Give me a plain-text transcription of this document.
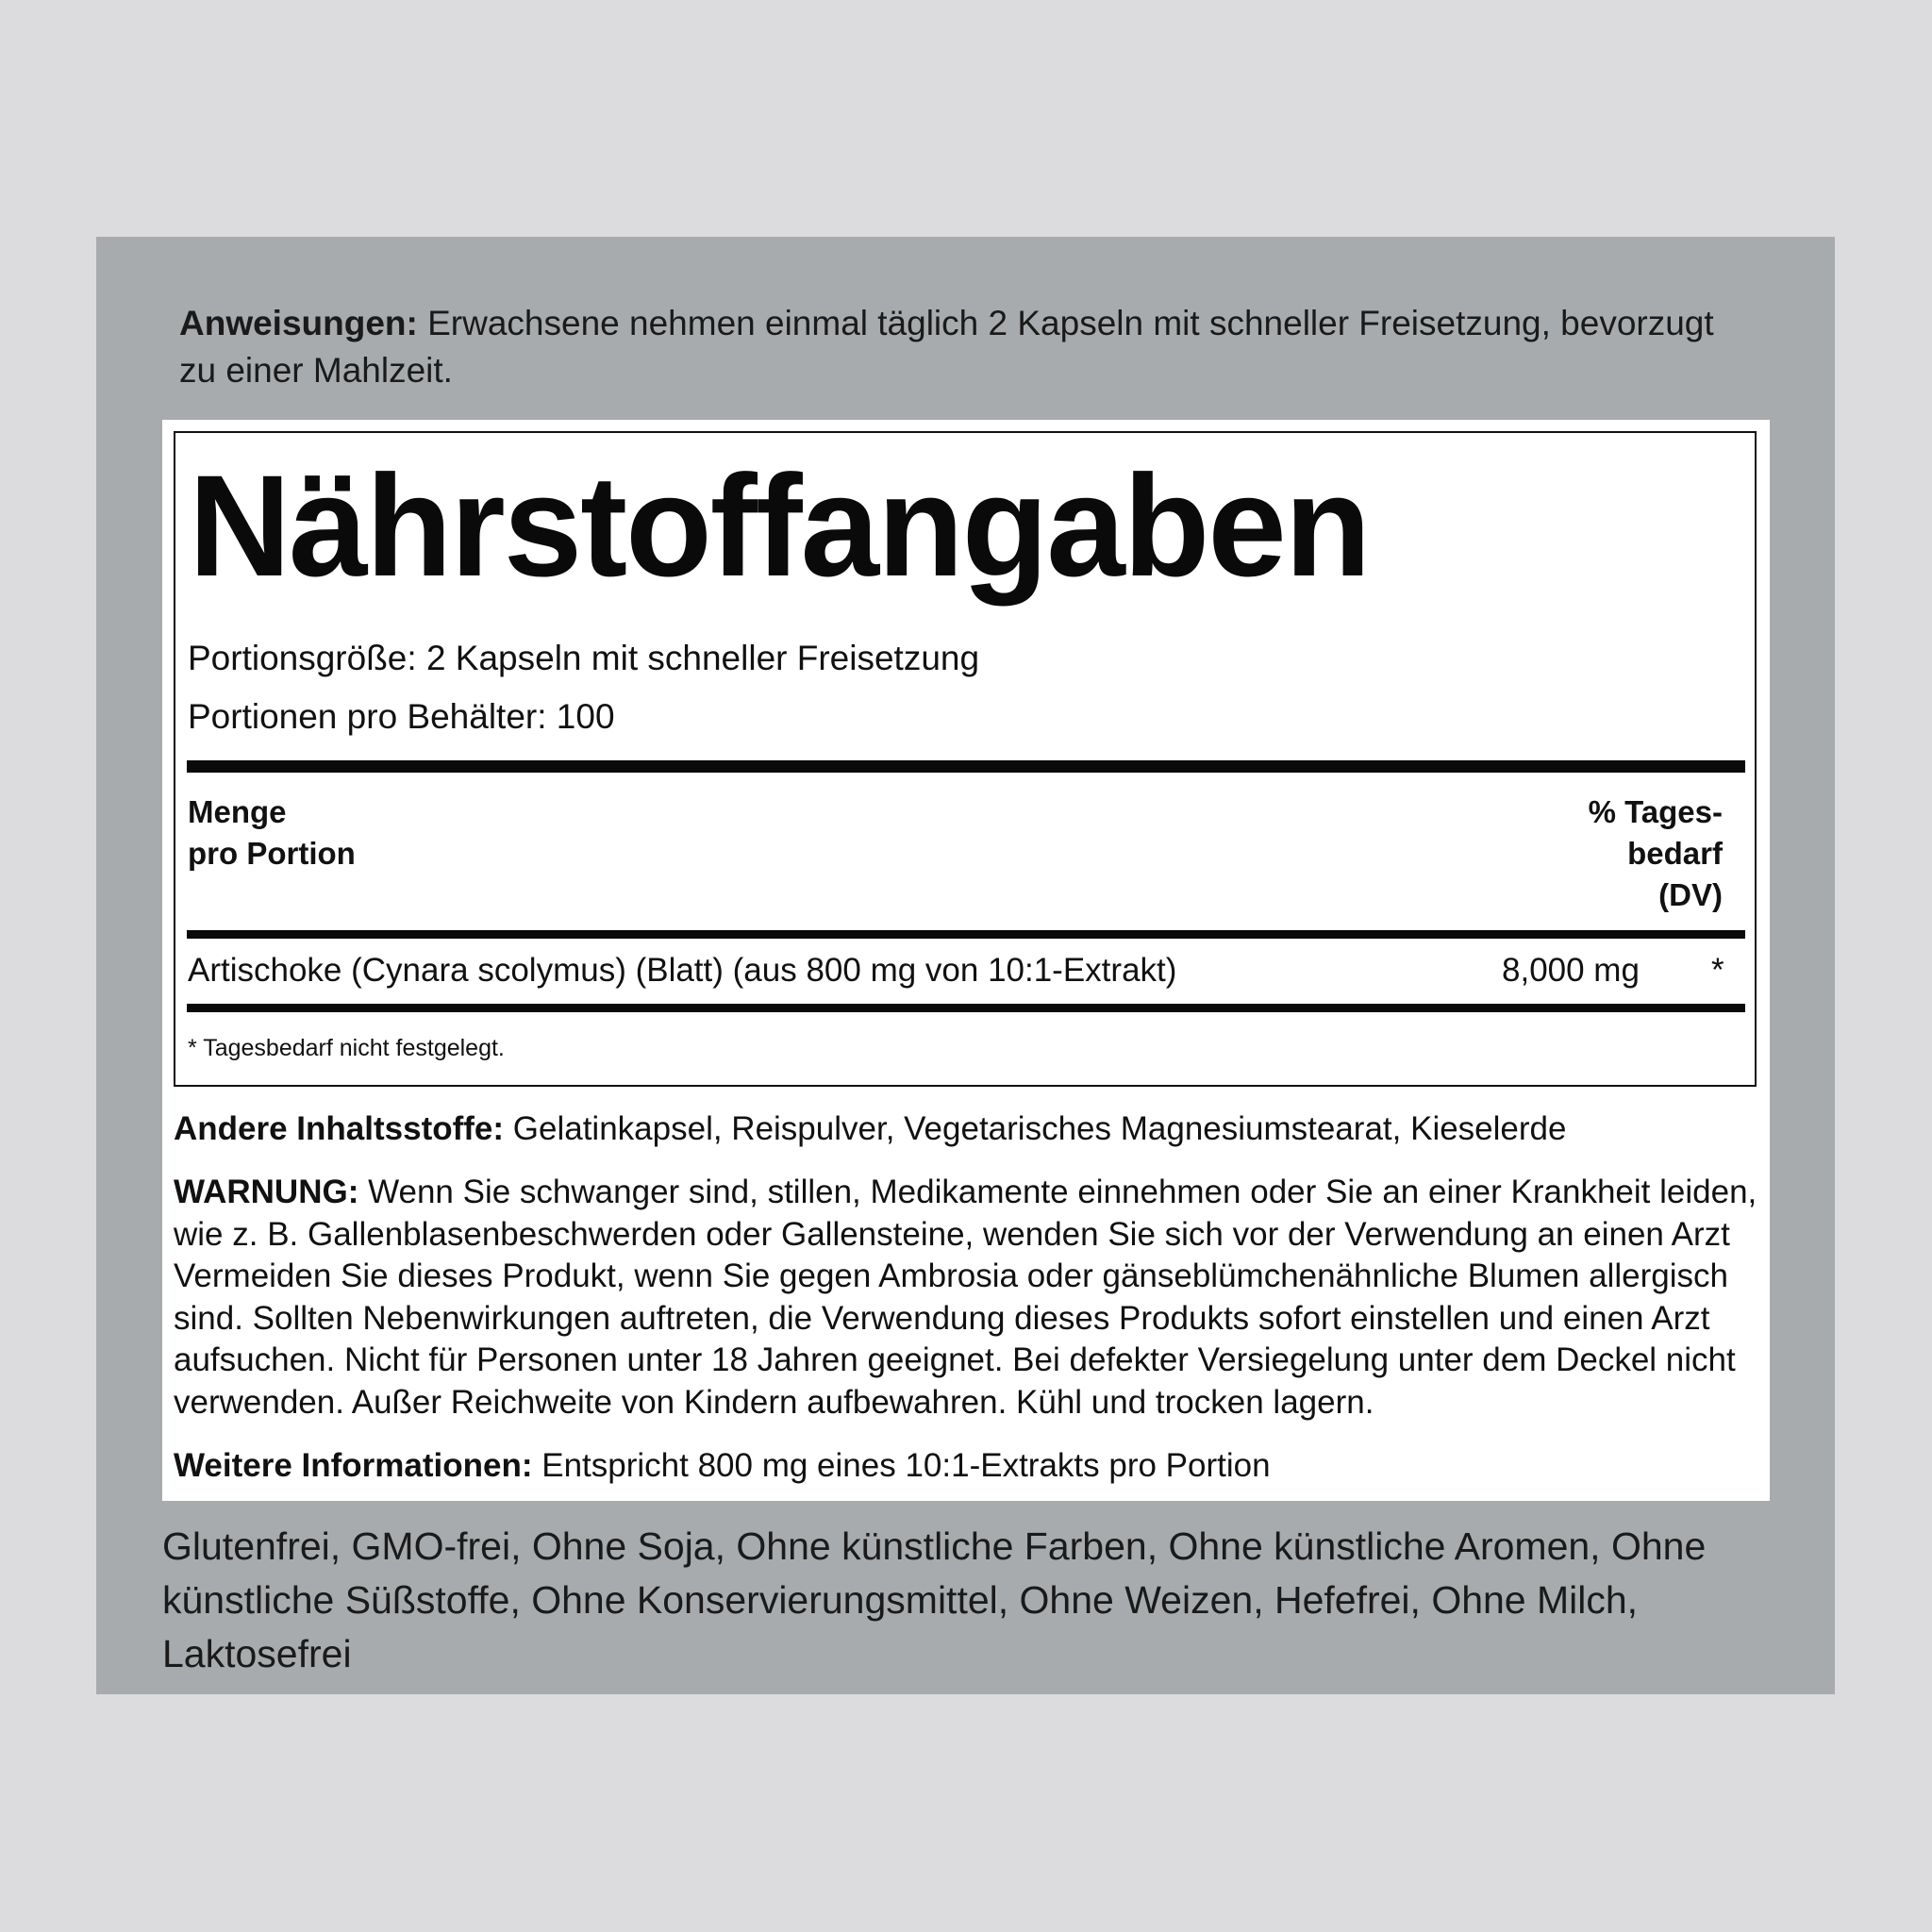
Anweisungen: Erwachsene nehmen einmal täglich 2 Kapseln mit schneller Freisetzung, bevorzugt zu einer Mahlzeit.
Nährstoffangaben
Portionsgröße: 2 Kapseln mit schneller Freisetzung
Portionen pro Behälter: 100
Menge
pro Portion
% Tages-
bedarf
(DV)
Artischoke (Cynara scolymus) (Blatt) (aus 800 mg von 10:1-Extrakt)	8,000 mg *
* Tagesbedarf nicht festgelegt.
Andere Inhaltsstoffe: Gelatinkapsel, Reispulver, Vegetarisches Magnesiumstearat, Kieselerde
WARNUNG: Wenn Sie schwanger sind, stillen, Medikamente einnehmen oder Sie an einer Krankheit leiden, wie z. B. Gallenblasenbeschwerden oder Gallensteine, wenden Sie sich vor der Verwendung an einen Arzt Vermeiden Sie dieses Produkt, wenn Sie gegen Ambrosia oder gänseblümchenähnliche Blumen allergisch sind. Sollten Nebenwirkungen auftreten, die Verwendung dieses Produkts sofort einstellen und einen Arzt aufsuchen. Nicht für Personen unter 18 Jahren geeignet. Bei defekter Versiegelung unter dem Deckel nicht verwenden. Außer Reichweite von Kindern aufbewahren. Kühl und trocken lagern.
Weitere Informationen: Entspricht 800 mg eines 10:1-Extrakts pro Portion
Glutenfrei, GMO-frei, Ohne Soja, Ohne künstliche Farben, Ohne künstliche Aromen, Ohne künstliche Süßstoffe, Ohne Konservierungsmittel, Ohne Weizen, Hefefrei, Ohne Milch, Laktosefrei
